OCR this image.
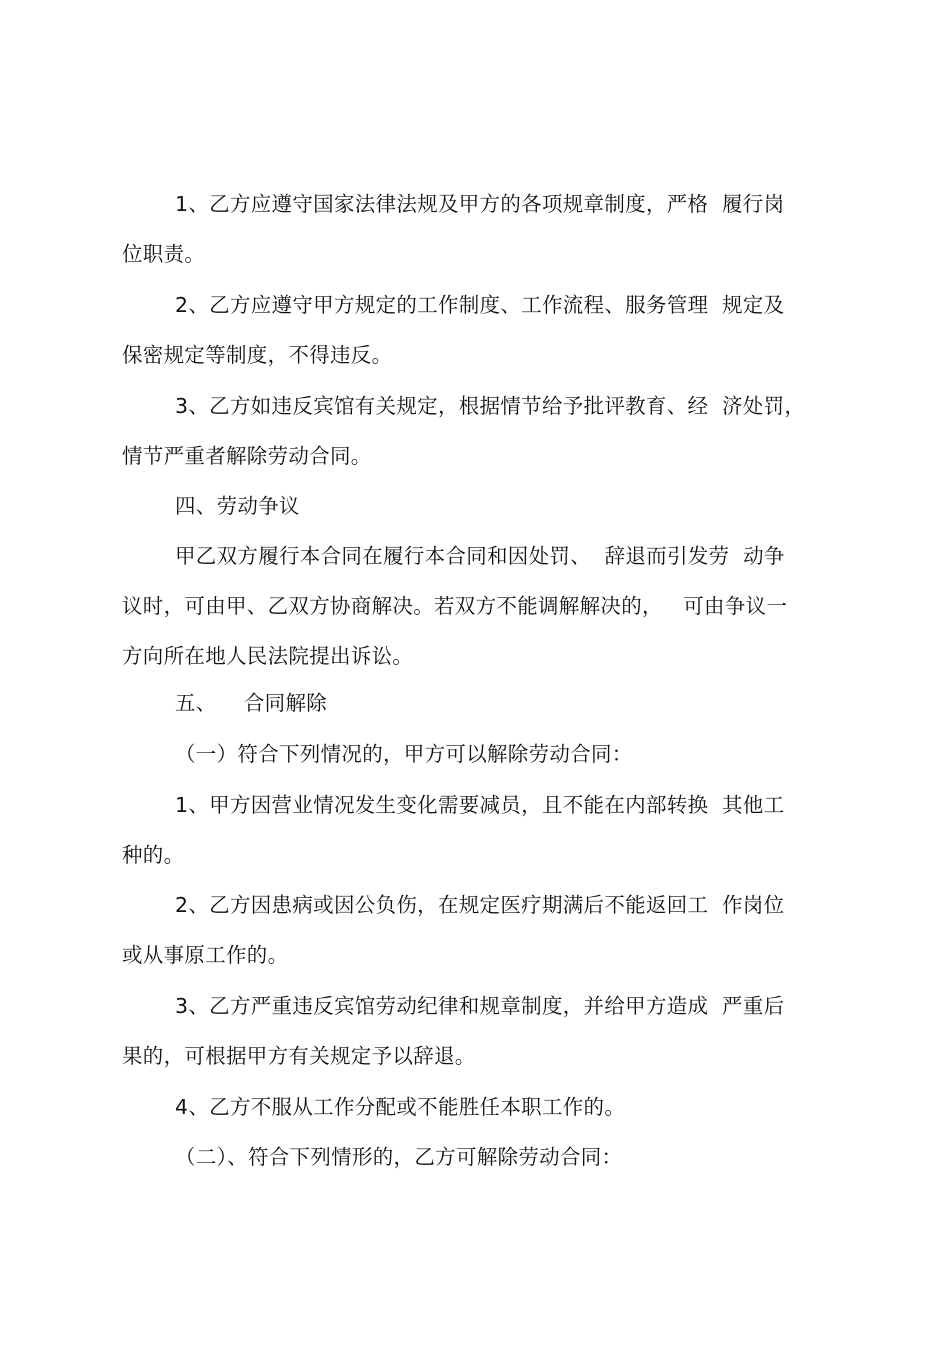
1、乙方应遵守国家法律法规及甲方的各项规章制度，严格  履行岗
位职责。
2、乙方应遵守甲方规定的工作制度、工作流程、服务管理  规定及
保密规定等制度，不得违反。
3、乙方如违反宾馆有关规定，根据情节给予批评教育、经  济处罚，
情节严重者解除劳动合同。
四、劳动争议
甲乙双方履行本合同在履行本合同和因处罚、  辞退而引发劳  动争
议时，可由甲、乙双方协商解决。若双方不能调解解决的，   可由争议一
方向所在地人民法院提出诉讼。
五、    合同解除
（一）符合下列情况的，甲方可以解除劳动合同：
1、甲方因营业情况发生变化需要减员，且不能在内部转换  其他工
种的。
2、乙方因患病或因公负伤，在规定医疗期满后不能返回工  作岗位
或从事原工作的。
3、乙方严重违反宾馆劳动纪律和规章制度，并给甲方造成  严重后
果的，可根据甲方有关规定予以辞退。
4、乙方不服从工作分配或不能胜任本职工作的。
（二）、符合下列情形的，乙方可解除劳动合同：
